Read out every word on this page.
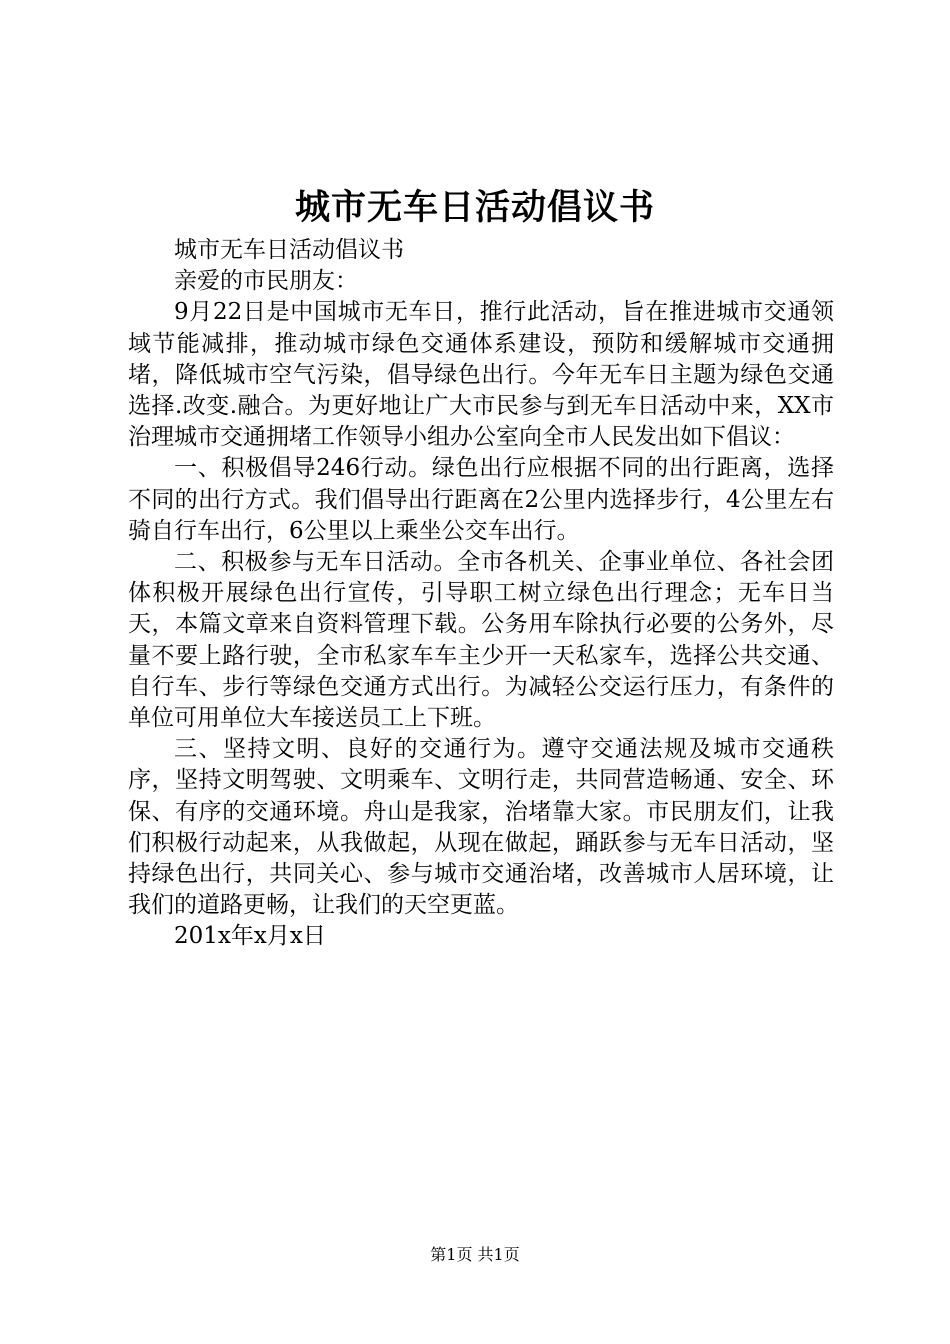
城市无车日活动倡议书

城市无车日活动倡议书

亲爱的市民朋友：

9月22日是中国城市无车日，推行此活动，旨在推进城市交通领域节能减排，推动城市绿色交通体系建设，预防和缓解城市交通拥堵，降低城市空气污染，倡导绿色出行。今年无车日主题为绿色交通选择.改变.融合。为更好地让广大市民参与到无车日活动中来，XX市治理城市交通拥堵工作领导小组办公室向全市人民发出如下倡议：

一、积极倡导246行动。绿色出行应根据不同的出行距离，选择不同的出行方式。我们倡导出行距离在2公里内选择步行，4公里左右骑自行车出行，6公里以上乘坐公交车出行。

二、积极参与无车日活动。全市各机关、企事业单位、各社会团体积极开展绿色出行宣传，引导职工树立绿色出行理念；无车日当天，本篇文章来自资料管理下载。公务用车除执行必要的公务外，尽量不要上路行驶，全市私家车车主少开一天私家车，选择公共交通、自行车、步行等绿色交通方式出行。为减轻公交运行压力，有条件的单位可用单位大车接送员工上下班。

三、坚持文明、良好的交通行为。遵守交通法规及城市交通秩序，坚持文明驾驶、文明乘车、文明行走，共同营造畅通、安全、环保、有序的交通环境。舟山是我家，治堵靠大家。市民朋友们，让我们积极行动起来，从我做起，从现在做起，踊跃参与无车日活动，坚持绿色出行，共同关心、参与城市交通治堵，改善城市人居环境，让我们的道路更畅，让我们的天空更蓝。

201x年x月x日

第1页 共1页
